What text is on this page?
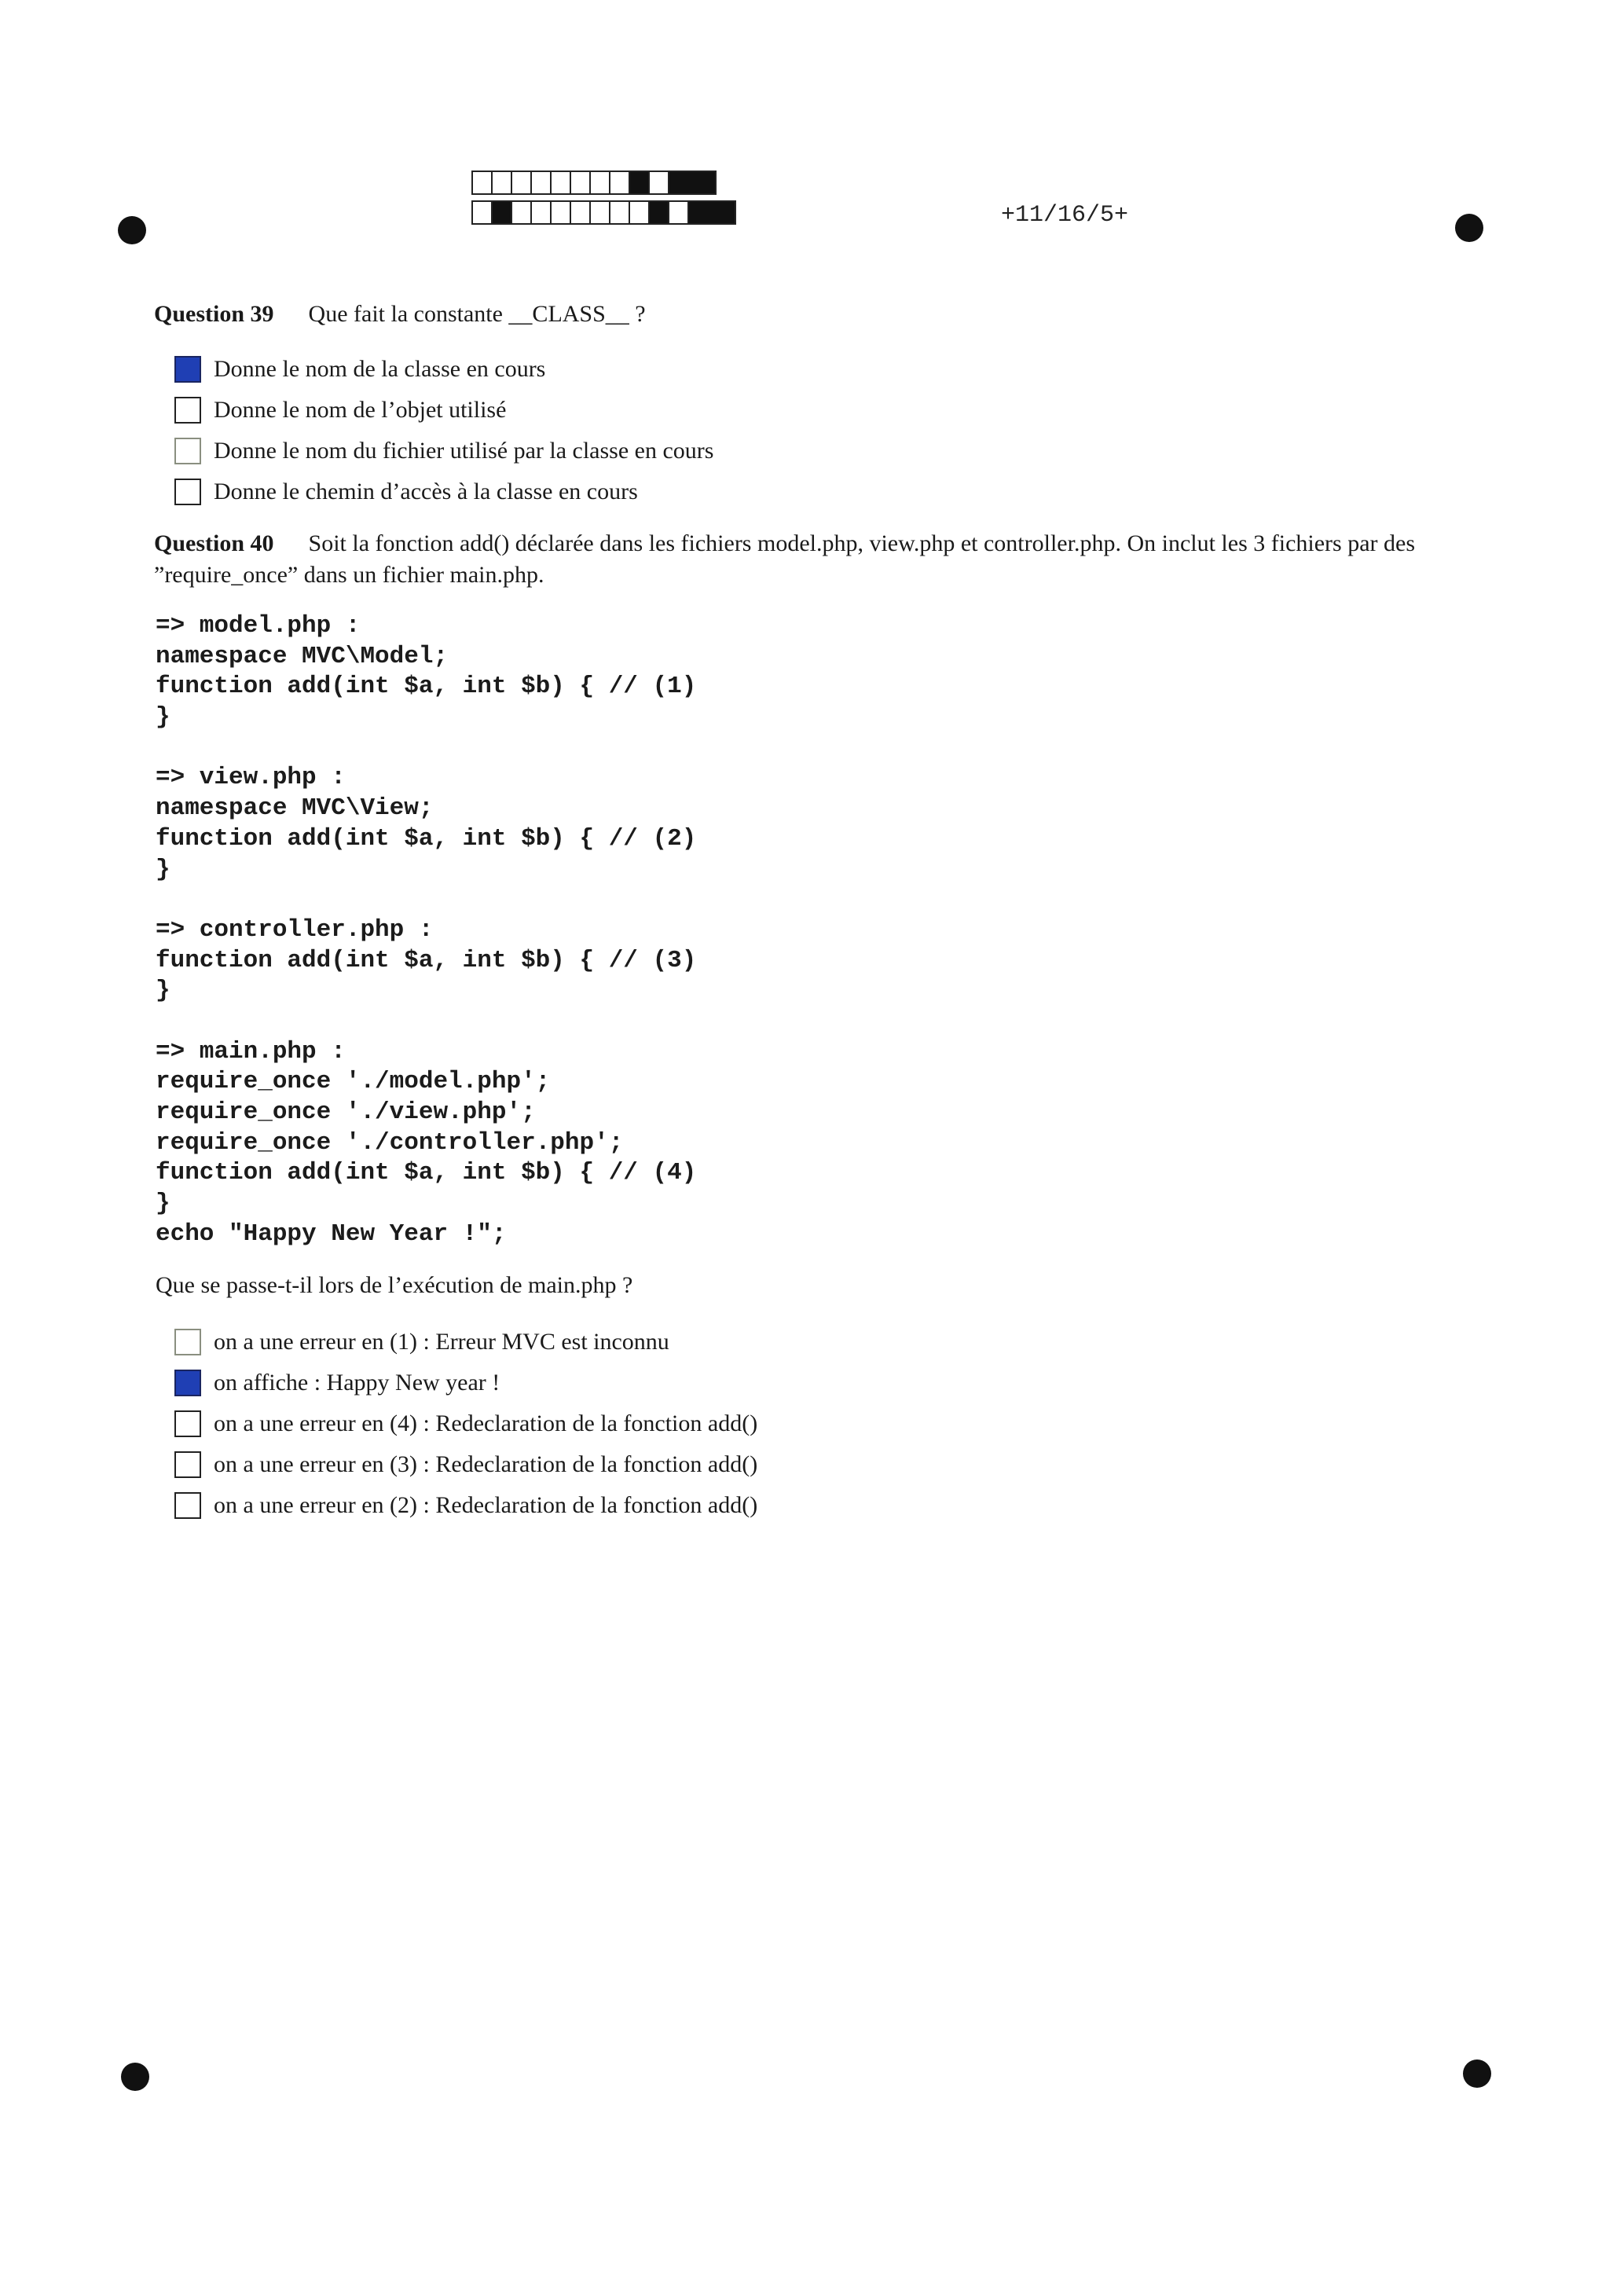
+11/16/5+
Question 39 Que fait la constante __CLASS__ ?
Donne le nom de la classe en cours
Donne le nom de l’objet utilisé
Donne le nom du fichier utilisé par la classe en cours
Donne le chemin d’accès à la classe en cours
Question 40 Soit la fonction add() déclarée dans les fichiers model.php, view.php et controller.php. On inclut les 3 fichiers par des ”require_once” dans un fichier main.php.
=> model.php :
namespace MVC\Model;
function add(int $a, int $b) { // (1)
}
=> view.php :
namespace MVC\View;
function add(int $a, int $b) { // (2)
}
=> controller.php :
function add(int $a, int $b) { // (3)
}
=> main.php :
require_once './model.php';
require_once './view.php';
require_once './controller.php';
function add(int $a, int $b) { // (4)
}
echo "Happy New Year !";
Que se passe-t-il lors de l’exécution de main.php ?
on a une erreur en (1) : Erreur MVC est inconnu
on affiche : Happy New year !
on a une erreur en (4) : Redeclaration de la fonction add()
on a une erreur en (3) : Redeclaration de la fonction add()
on a une erreur en (2) : Redeclaration de la fonction add()
